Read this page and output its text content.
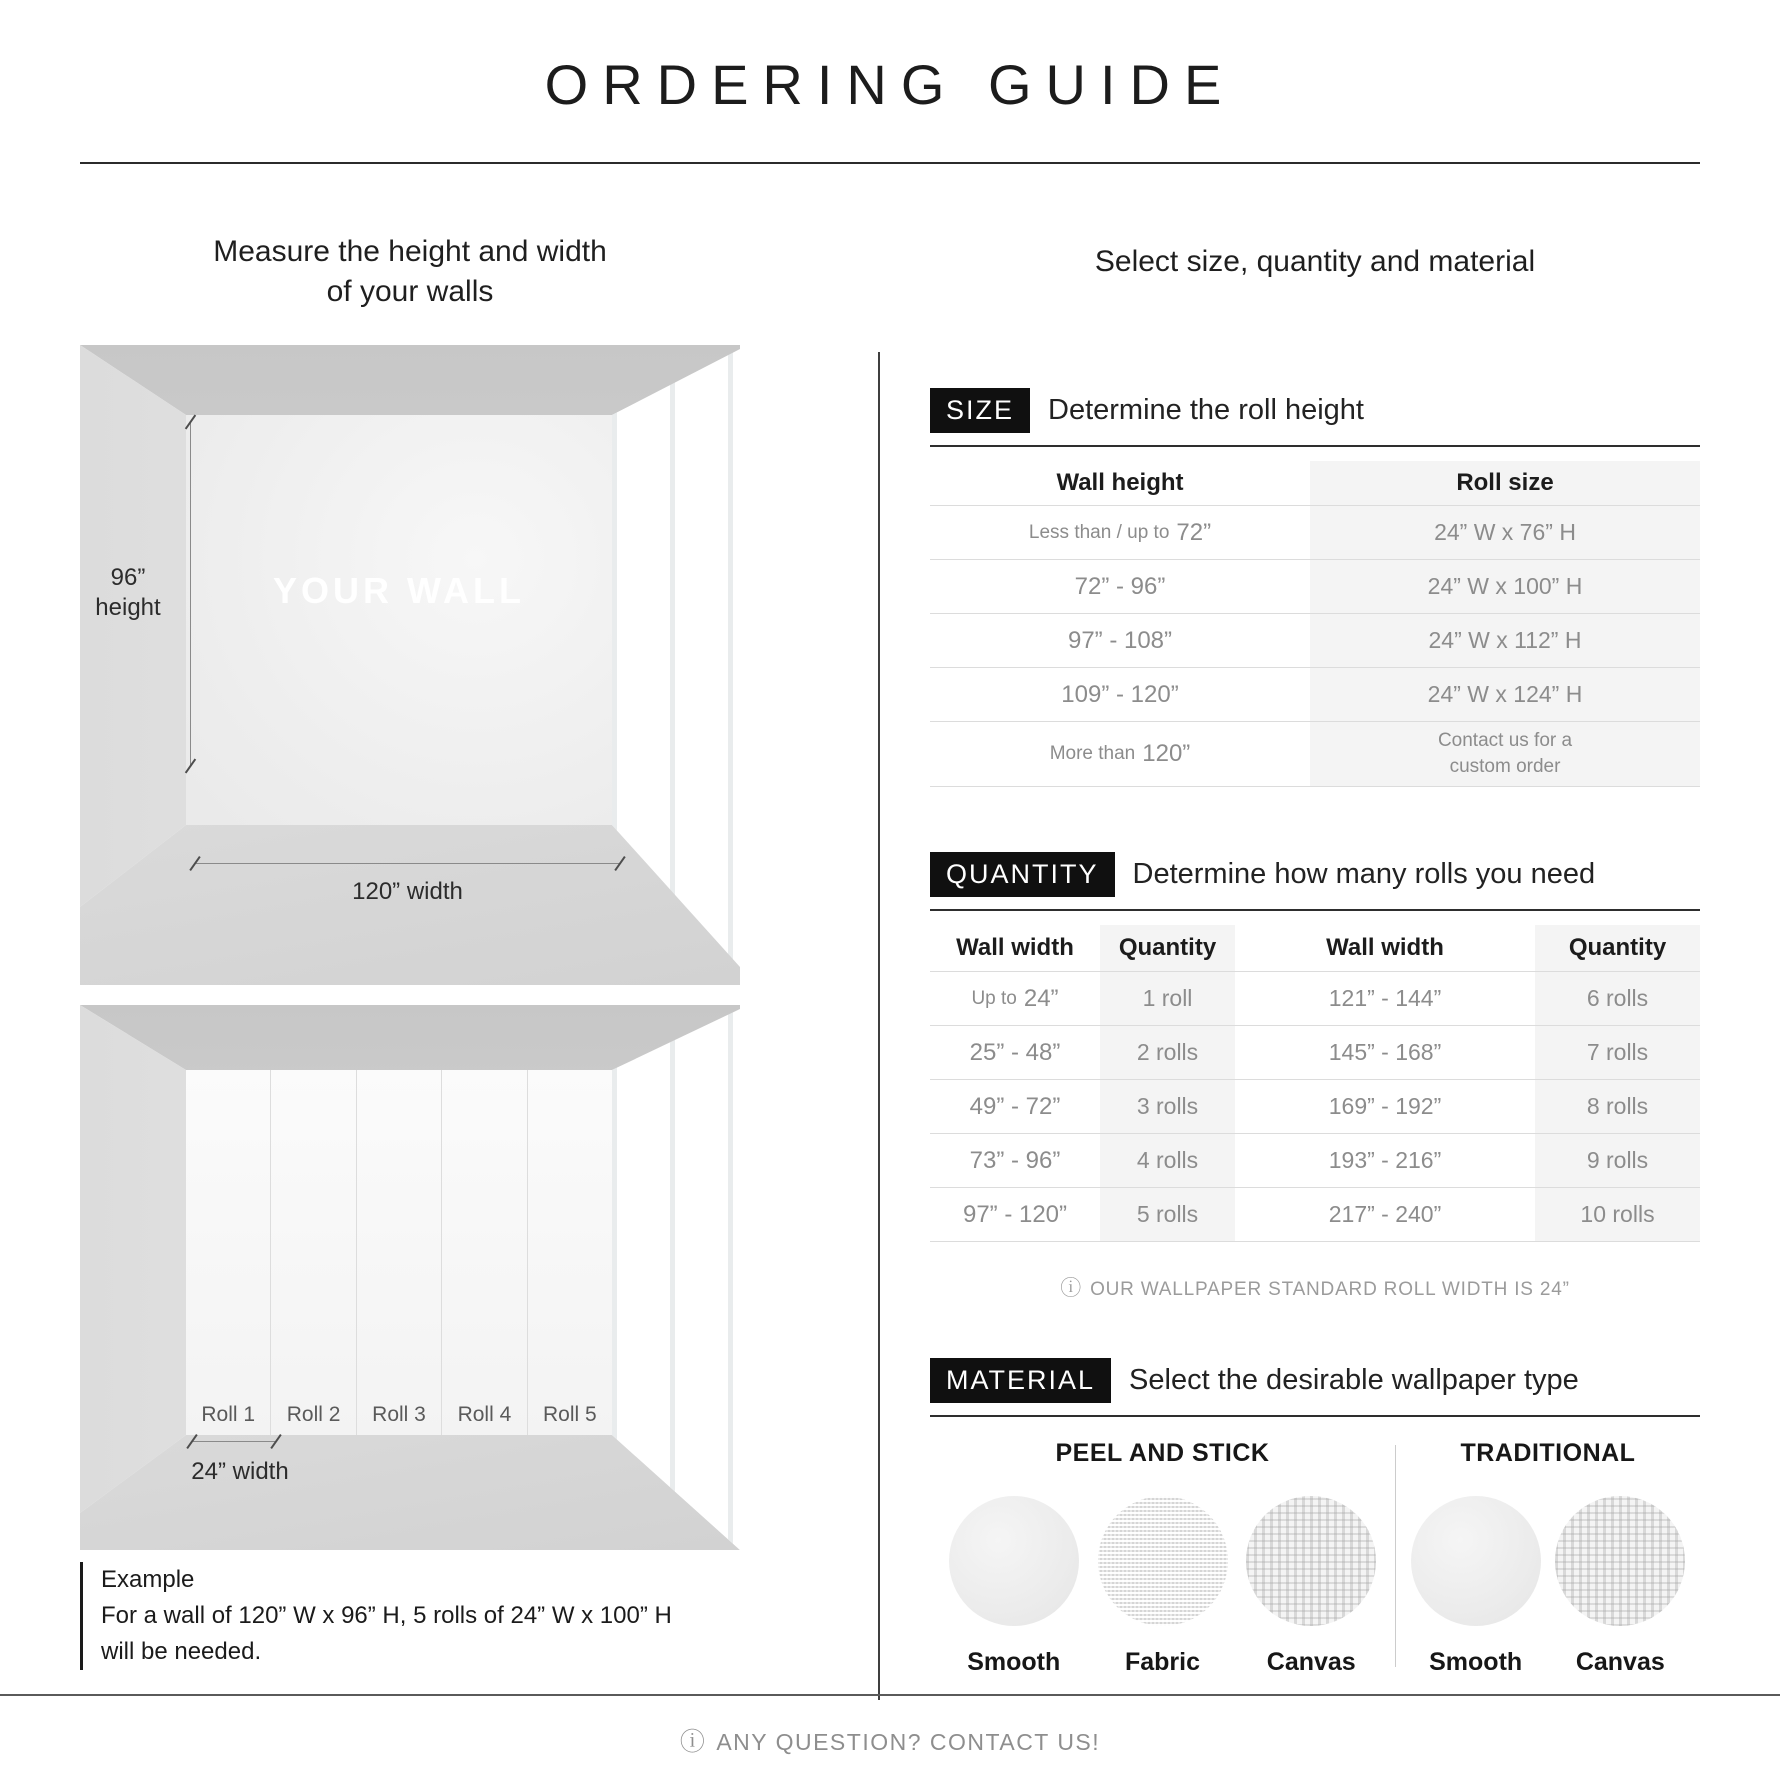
ORDERING GUIDE
Measure the height and width
of your walls
Select size, quantity and material
YOUR WALL
96”
height
120” width
Roll 1	Roll 2	Roll 3	Roll 4	Roll 5
24” width
Example
For a wall of 120” W x 96” H, 5 rolls of 24” W x 100” H
will be needed.
SIZE	Determine the roll height
Wall height	Roll size
Less than / up to 72”	24” W x 76” H
72” - 96”	24” W x 100” H
97” - 108”	24” W x 112” H
109” - 120”	24” W x 124” H
More than 120”	Contact us for a
custom order
QUANTITY	Determine how many rolls you need
Wall width	Quantity	Wall width	Quantity
Up to 24”	1 roll	121” - 144”	6 rolls
25” - 48”	2 rolls	145” - 168”	7 rolls
49” - 72”	3 rolls	169” - 192”	8 rolls
73” - 96”	4 rolls	193” - 216”	9 rolls
97” - 120”	5 rolls	217” - 240”	10 rolls
ⓘ OUR WALLPAPER STANDARD ROLL WIDTH IS 24”
MATERIAL	Select the desirable wallpaper type
PEEL AND STICK
Smooth	Fabric	Canvas
TRADITIONAL
Smooth Canvas
ⓘ ANY QUESTION? CONTACT US!
